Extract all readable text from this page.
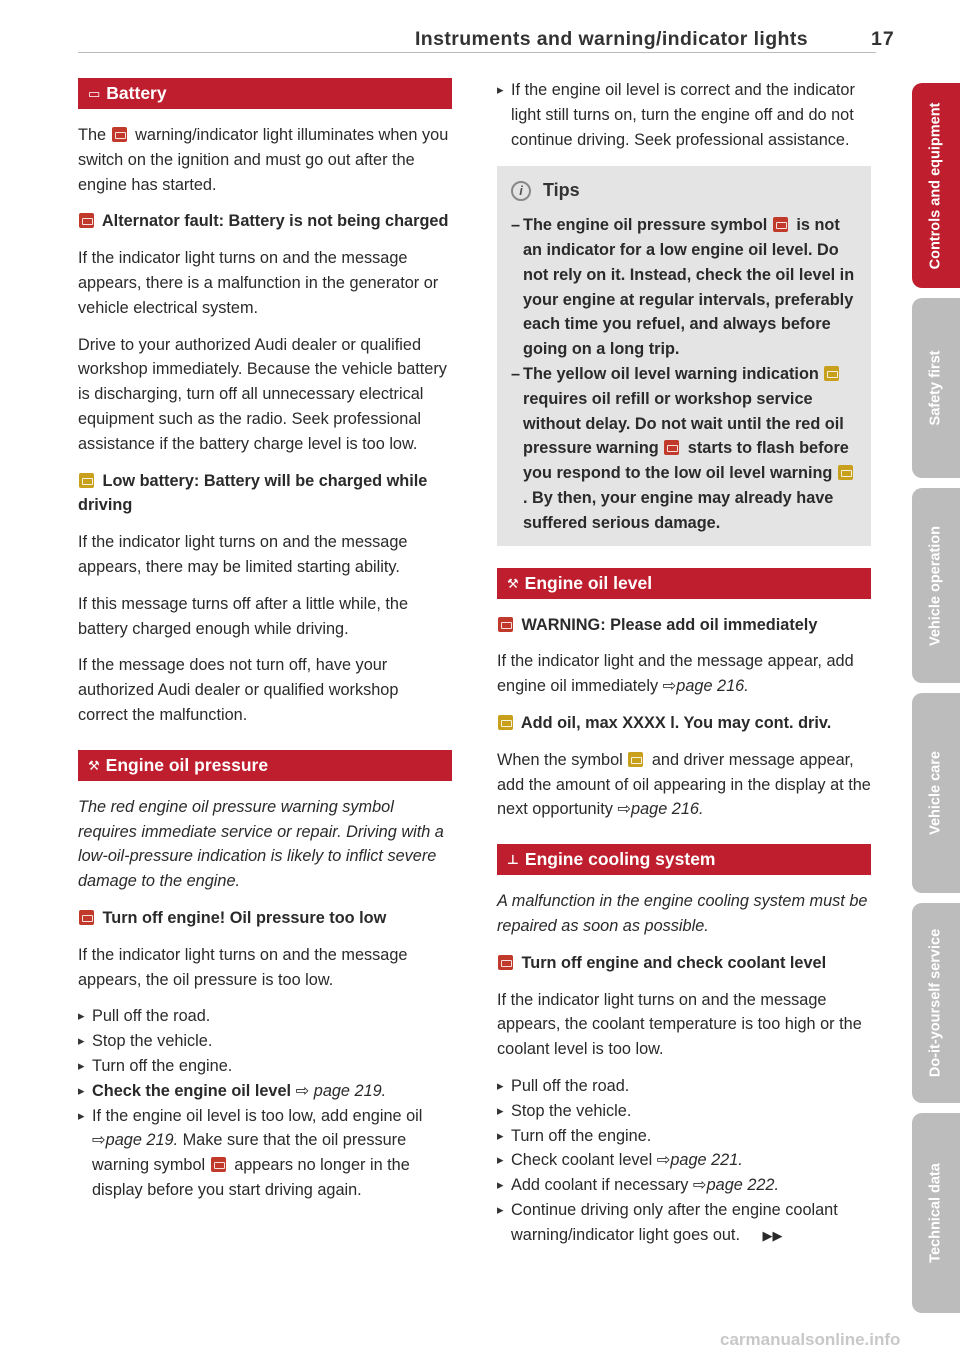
Instruments and warning/indicator lights	17
▭ Battery

The warning/indicator light illuminates when you switch on the ignition and must go out after the engine has started.

Alternator fault: Battery is not being charged

If the indicator light turns on and the message appears, there is a malfunction in the generator or vehicle electrical system.

Drive to your authorized Audi dealer or qualified workshop immediately. Because the vehicle battery is discharging, turn off all unnecessary electrical equipment such as the radio. Seek professional assistance if the battery charge level is too low.

Low battery: Battery will be charged while driving

If the indicator light turns on and the message appears, there may be limited starting ability.

If this message turns off after a little while, the battery charged enough while driving.

If the message does not turn off, have your authorized Audi dealer or qualified workshop correct the malfunction.

⚒ Engine oil pressure

The red engine oil pressure warning symbol requires immediate service or repair. Driving with a low-oil-pressure indication is likely to inflict severe damage to the engine.

Turn off engine! Oil pressure too low

If the indicator light turns on and the message appears, the oil pressure is too low.

▸ Pull off the road.
▸ Stop the vehicle.
▸ Turn off the engine.
▸ Check the engine oil level ⇨ page 219.
▸ If the engine oil level is too low, add engine oil ⇨page 219. Make sure that the oil pressure warning symbol appears no longer in the display before you start driving again.
▸ If the engine oil level is correct and the indicator light still turns on, turn the engine off and do not continue driving. Seek professional assistance.
i	Tips
– The engine oil pressure symbol is not an indicator for a low engine oil level. Do not rely on it. Instead, check the oil level in your engine at regular intervals, preferably each time you refuel, and always before going on a long trip.
– The yellow oil level warning indication  requires oil refill or workshop service without delay. Do not wait until the red oil pressure warning starts to flash before you respond to the low oil level warning . By then, your engine may already have suffered serious damage.
⚒ Engine oil level
WARNING: Please add oil immediately

If the indicator light and the message appear, add engine oil immediately ⇨page 216.

Add oil, max XXXX l. You may cont. driv.

When the symbol and driver message appear, add the amount of oil appearing in the display at the next opportunity ⇨page 216.

⊥ Engine cooling system

A malfunction in the engine cooling system must be repaired as soon as possible.

Turn off engine and check coolant level

If the indicator light turns on and the message appears, the coolant temperature is too high or the coolant level is too low.

▸ Pull off the road.
▸ Stop the vehicle.
▸ Turn off the engine.
▸ Check coolant level ⇨page 221.
▸ Add coolant if necessary ⇨page 222.
▸ Continue driving only after the engine coolant warning/indicator light goes out. ▶▶
Controls and equipment
Safety first
Vehicle operation
Vehicle care
Do-it-yourself service
Technical data
carmanualsonline.info
